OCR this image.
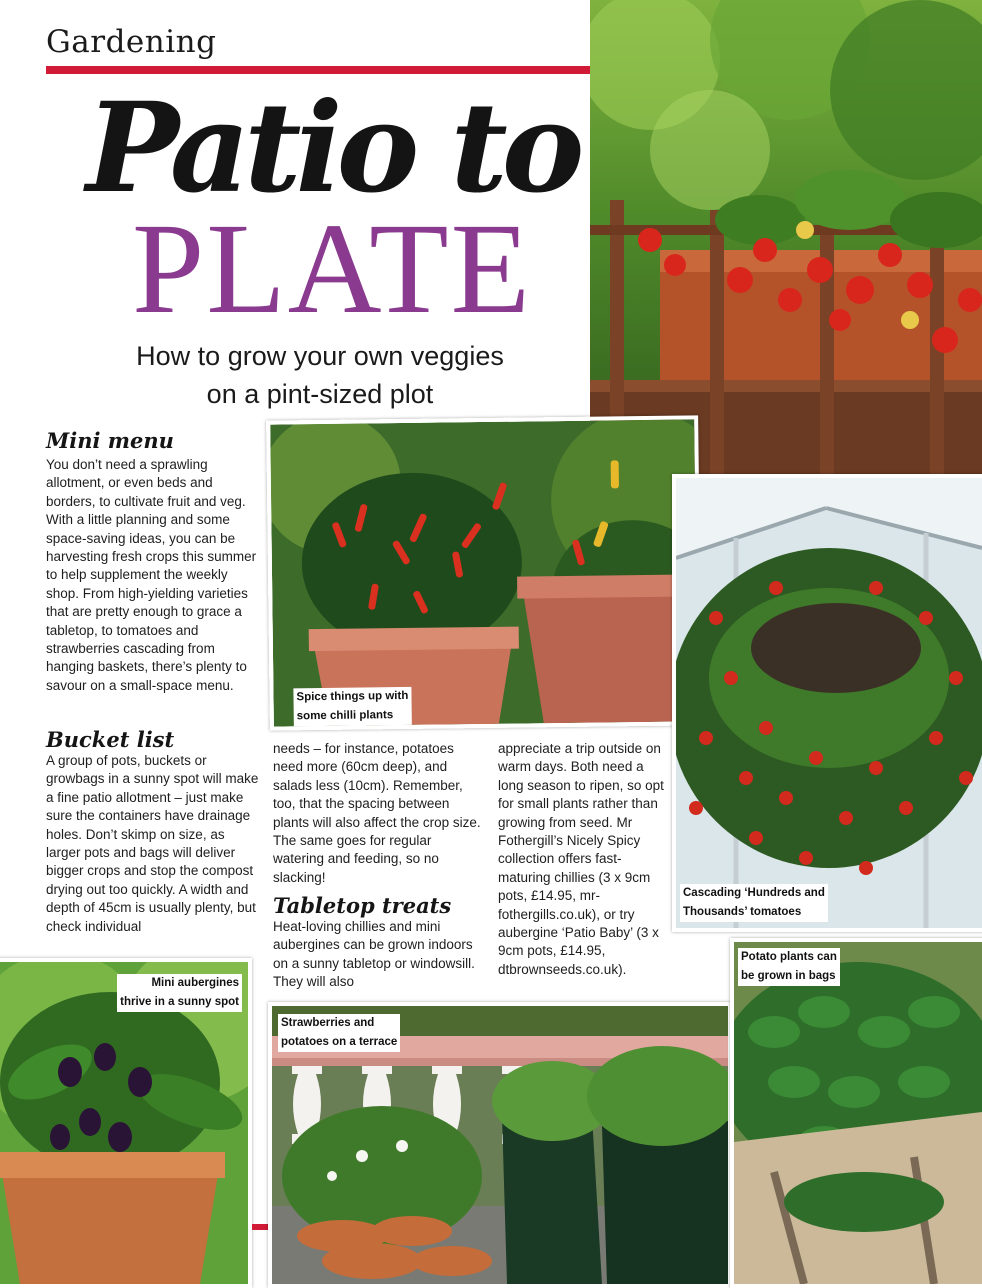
Gardening
Patio to
PLATE
How to grow your own veggies
on a pint-sized plot
Mini menu
You don’t need a sprawling allotment, or even beds and borders, to cultivate fruit and veg. With a little planning and some space-saving ideas, you can be harvesting fresh crops this summer to help supplement the weekly shop. From high-yielding varieties that are pretty enough to grace a tabletop, to tomatoes and strawberries cascading from hanging baskets, there’s plenty to savour on a small-space menu.
Bucket list
A group of pots, buckets or growbags in a sunny spot will make a fine patio allotment – just make sure the containers have drainage holes. Don’t skimp on size, as larger pots and bags will deliver bigger crops and stop the compost drying out too quickly. A width and depth of 45cm is usually plenty, but check individual
Spice things up with
some chilli plants
Cascading ‘Hundreds and
Thousands’ tomatoes
needs – for instance, potatoes need more (60cm deep), and salads less (10cm). Remember, too, that the spacing between plants will also affect the crop size. The same goes for regular watering and feeding, so no slacking!
Tabletop treats
Heat-loving chillies and mini aubergines can be grown indoors on a sunny tabletop or windowsill. They will also
appreciate a trip outside on warm days. Both need a long season to ripen, so opt for small plants rather than growing from seed. Mr Fothergill’s Nicely Spicy collection offers fast-maturing chillies (3 x 9cm pots, £14.95, mr-fothergills.co.uk), or try aubergine ‘Patio Baby’ (3 x 9cm pots, £14.95, dtbrownseeds.co.uk).
Mini aubergines
thrive in a sunny spot
Strawberries and
potatoes on a terrace
Potato plants can
be grown in bags
